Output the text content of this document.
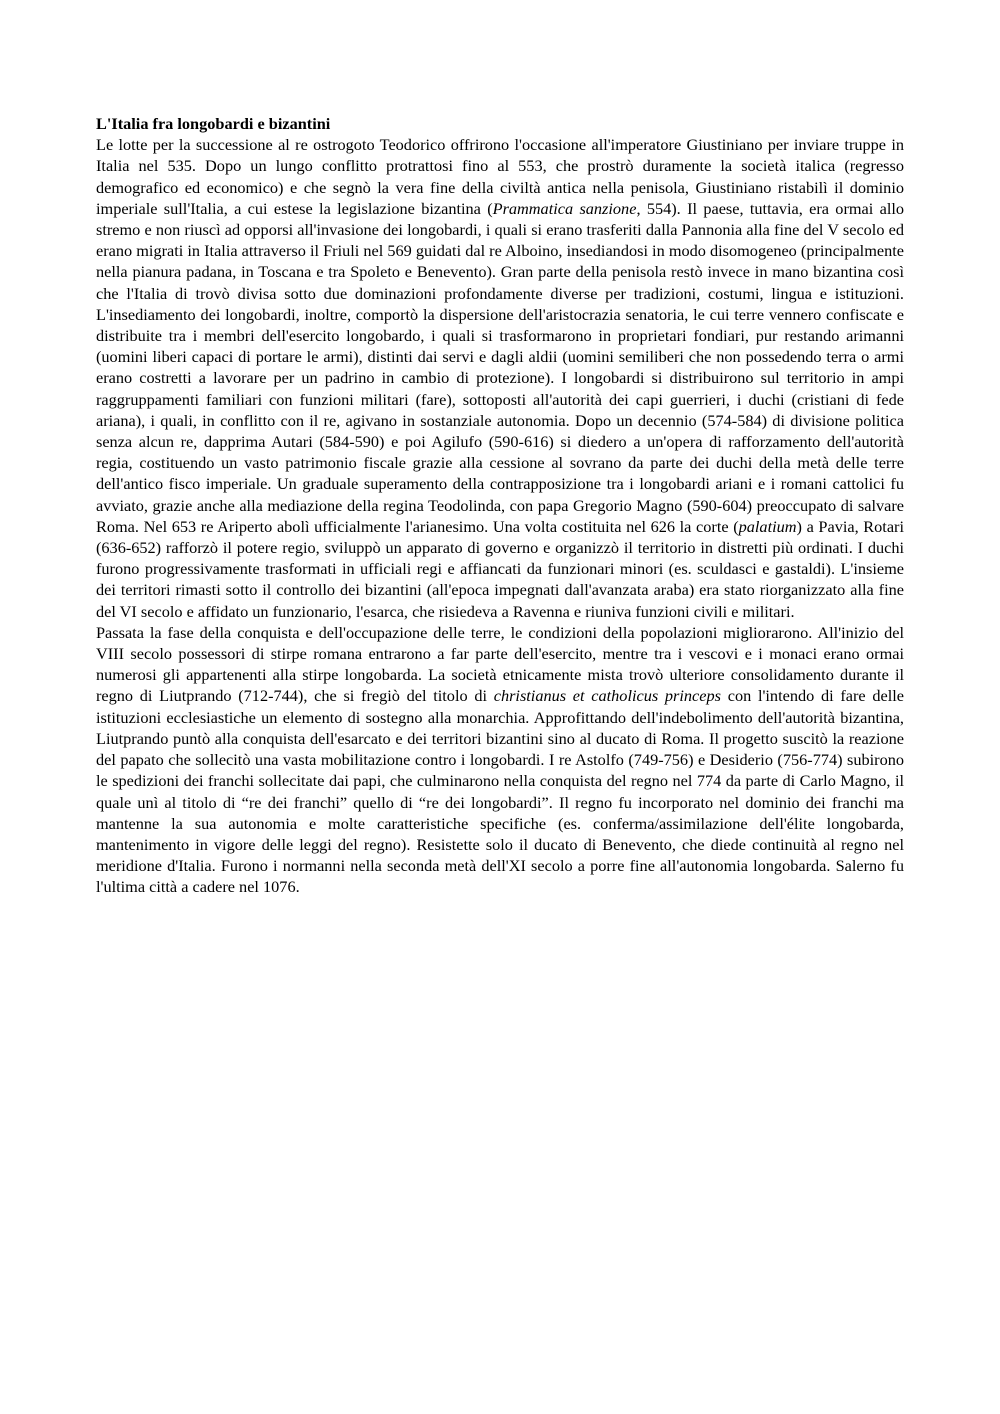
L'Italia fra longobardi e bizantini

Le lotte per la successione al re ostrogoto Teodorico offrirono l'occasione all'imperatore Giustiniano per inviare truppe in Italia nel 535. Dopo un lungo conflitto protrattosi fino al 553, che prostrò duramente la società italica (regresso demografico ed economico) e che segnò la vera fine della civiltà antica nella penisola, Giustiniano ristabilì il dominio imperiale sull'Italia, a cui estese la legislazione bizantina (Prammatica sanzione, 554). Il paese, tuttavia, era ormai allo stremo e non riuscì ad opporsi all'invasione dei longobardi, i quali si erano trasferiti dalla Pannonia alla fine del V secolo ed erano migrati in Italia attraverso il Friuli nel 569 guidati dal re Alboino, insediandosi in modo disomogeneo (principalmente nella pianura padana, in Toscana e tra Spoleto e Benevento). Gran parte della penisola restò invece in mano bizantina così che l'Italia di trovò divisa sotto due dominazioni profondamente diverse per tradizioni, costumi, lingua e istituzioni. L'insediamento dei longobardi, inoltre, comportò la dispersione dell'aristocrazia senatoria, le cui terre vennero confiscate e distribuite tra i membri dell'esercito longobardo, i quali si trasformarono in proprietari fondiari, pur restando arimanni (uomini liberi capaci di portare le armi), distinti dai servi e dagli aldii (uomini semiliberi che non possedendo terra o armi erano costretti a lavorare per un padrino in cambio di protezione). I longobardi si distribuirono sul territorio in ampi raggruppamenti familiari con funzioni militari (fare), sottoposti all'autorità dei capi guerrieri, i duchi (cristiani di fede ariana), i quali, in conflitto con il re, agivano in sostanziale autonomia. Dopo un decennio (574-584) di divisione politica senza alcun re, dapprima Autari (584-590) e poi Agilufo (590-616) si diedero a un'opera di rafforzamento dell'autorità regia, costituendo un vasto patrimonio fiscale grazie alla cessione al sovrano da parte dei duchi della metà delle terre dell'antico fisco imperiale. Un graduale superamento della contrapposizione tra i longobardi ariani e i romani cattolici fu avviato, grazie anche alla mediazione della regina Teodolinda, con papa Gregorio Magno (590-604) preoccupato di salvare Roma. Nel 653 re Ariperto abolì ufficialmente l'arianesimo. Una volta costituita nel 626 la corte (palatium) a Pavia, Rotari (636-652) rafforzò il potere regio, sviluppò un apparato di governo e organizzò il territorio in distretti più ordinati. I duchi furono progressivamente trasformati in ufficiali regi e affiancati da funzionari minori (es. sculdasci e gastaldi). L'insieme dei territori rimasti sotto il controllo dei bizantini (all'epoca impegnati dall'avanzata araba) era stato riorganizzato alla fine del VI secolo e affidato un funzionario, l'esarca, che risiedeva a Ravenna e riuniva funzioni civili e militari.

Passata la fase della conquista e dell'occupazione delle terre, le condizioni della popolazioni migliorarono. All'inizio del VIII secolo possessori di stirpe romana entrarono a far parte dell'esercito, mentre tra i vescovi e i monaci erano ormai numerosi gli appartenenti alla stirpe longobarda. La società etnicamente mista trovò ulteriore consolidamento durante il regno di Liutprando (712-744), che si fregiò del titolo di christianus et catholicus princeps con l'intendo di fare delle istituzioni ecclesiastiche un elemento di sostegno alla monarchia. Approfittando dell'indebolimento dell'autorità bizantina, Liutprando puntò alla conquista dell'esarcato e dei territori bizantini sino al ducato di Roma. Il progetto suscitò la reazione del papato che sollecitò una vasta mobilitazione contro i longobardi. I re Astolfo (749-756) e Desiderio (756-774) subirono le spedizioni dei franchi sollecitate dai papi, che culminarono nella conquista del regno nel 774 da parte di Carlo Magno, il quale unì al titolo di “re dei franchi” quello di “re dei longobardi”. Il regno fu incorporato nel dominio dei franchi ma mantenne la sua autonomia e molte caratteristiche specifiche (es. conferma/assimilazione dell'élite longobarda, mantenimento in vigore delle leggi del regno). Resistette solo il ducato di Benevento, che diede continuità al regno nel meridione d'Italia. Furono i normanni nella seconda metà dell'XI secolo a porre fine all'autonomia longobarda. Salerno fu l'ultima città a cadere nel 1076.
